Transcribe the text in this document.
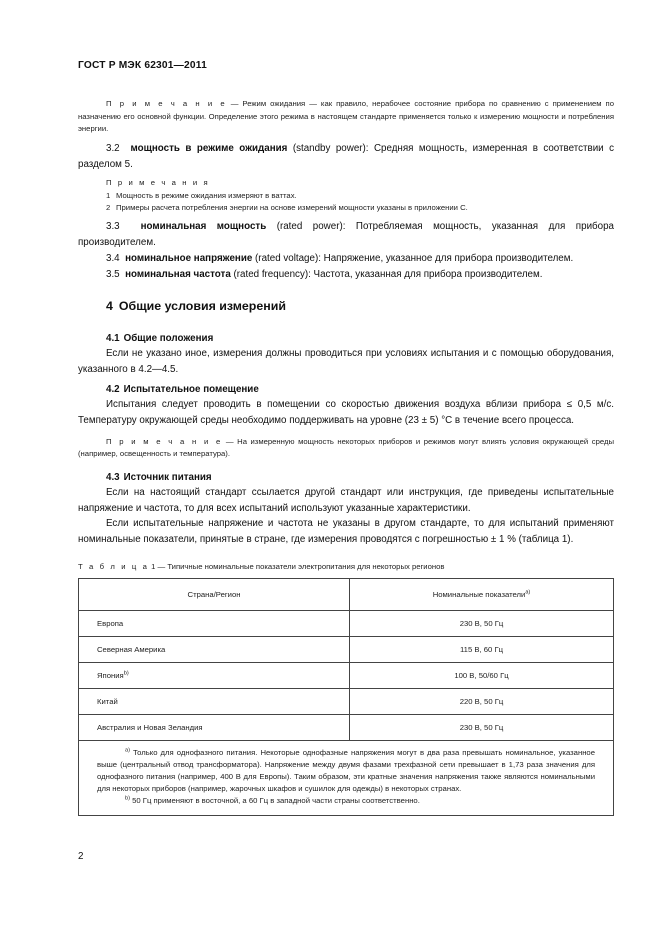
ГОСТ Р МЭК 62301—2011

П р и м е ч а н и е — Режим ожидания — как правило, нерабочее состояние прибора по сравнению с применением по назначению его основной функции. Определение этого режима в настоящем стандарте применяется только к измерению мощности и потребления энергии.

3.2 мощность в режиме ожидания (standby power): Средняя мощность, измеренная в соответствии с разделом 5.

П р и м е ч а н и я
1 Мощность в режиме ожидания измеряют в ваттах.
2 Примеры расчета потребления энергии на основе измерений мощности указаны в приложении С.

3.3 номинальная мощность (rated power): Потребляемая мощность, указанная для прибора производителем.

3.4 номинальное напряжение (rated voltage): Напряжение, указанное для прибора производителем.

3.5 номинальная частота (rated frequency): Частота, указанная для прибора производителем.

4 Общие условия измерений
4.1 Общие положения

Если не указано иное, измерения должны проводиться при условиях испытания и с помощью оборудования, указанного в 4.2—4.5.

4.2 Испытательное помещение

Испытания следует проводить в помещении со скоростью движения воздуха вблизи прибора ≤ 0,5 м/с. Температуру окружающей среды необходимо поддерживать на уровне (23 ± 5) °С в течение всего процесса.

П р и м е ч а н и е — На измеренную мощность некоторых приборов и режимов могут влиять условия окружающей среды (например, освещенность и температура).

4.3 Источник питания

Если на настоящий стандарт ссылается другой стандарт или инструкция, где приведены испытательные напряжение и частота, то для всех испытаний используют указанные характеристики.

Если испытательные напряжение и частота не указаны в другом стандарте, то для испытаний применяют номинальные показатели, принятые в стране, где измерения проводятся с погрешностью ± 1 % (таблица 1).

Т а б л и ц а 1 — Типичные номинальные показатели электропитания для некоторых регионов
Страна/Регион	Номинальные показатели$^{a)}$
Европа	230 В, 50 Гц
Северная Америка	115 В, 60 Гц
Япония$^{b)}$	100 В, 50/60 Гц
Китай	220 В, 50 Гц
Австралия и Новая Зеландия	230 В, 50 Гц

$^{a)}$ Только для однофазного питания. Некоторые однофазные напряжения могут в два раза превышать номинальное, указанное выше (центральный отвод трансформатора). Напряжение между двумя фазами трехфазной сети превышает в 1,73 раза значения для однофазного питания (например, 400 В для Европы). Таким образом, эти кратные значения напряжения также являются номинальными для некоторых приборов (например, жарочных шкафов и сушилок для одежды) в некоторых странах.
$^{b)}$ 50 Гц применяют в восточной, а 60 Гц в западной части страны соответственно.	
2
